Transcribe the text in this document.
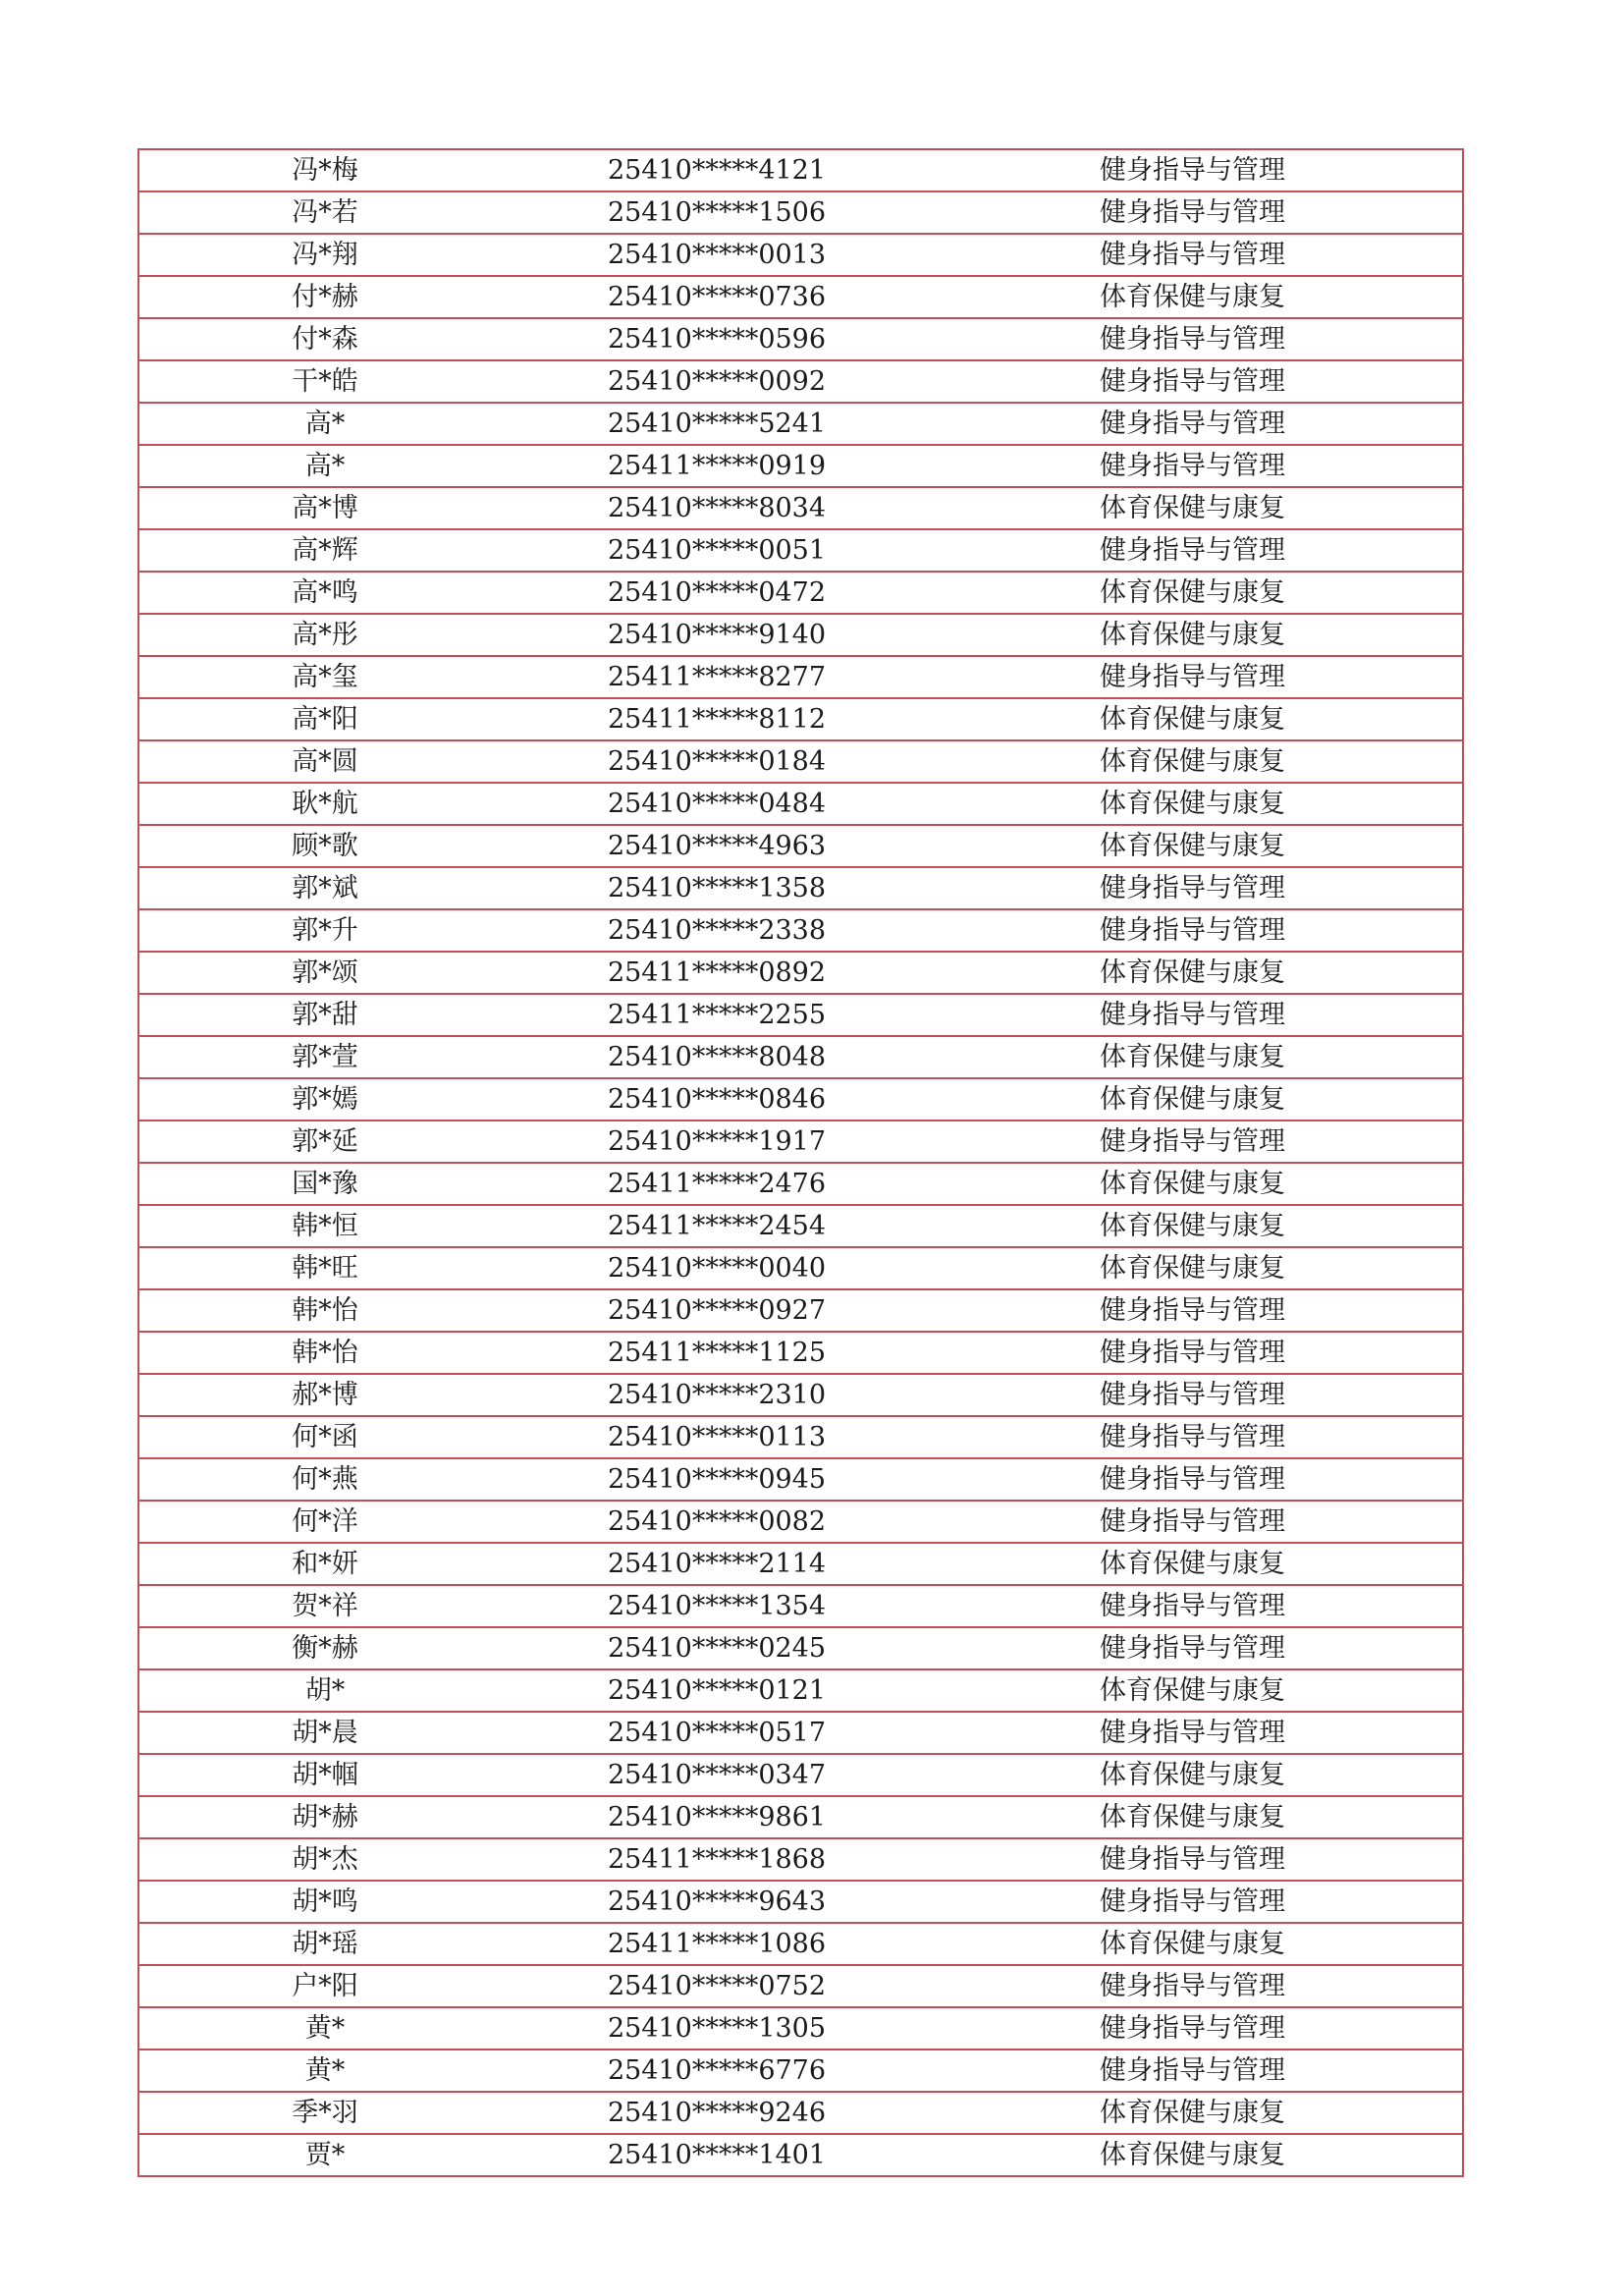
冯*梅	25410*****4121	健身指导与管理
冯*若	25410*****1506	健身指导与管理
冯*翔	25410*****0013	健身指导与管理
付*赫	25410*****0736	体育保健与康复
付*森	25410*****0596	健身指导与管理
干*皓	25410*****0092	健身指导与管理
高*	25410*****5241	健身指导与管理
高*	25411*****0919	健身指导与管理
高*博	25410*****8034	体育保健与康复
高*辉	25410*****0051	健身指导与管理
高*鸣	25410*****0472	体育保健与康复
高*彤	25410*****9140	体育保健与康复
高*玺	25411*****8277	健身指导与管理
高*阳	25411*****8112	体育保健与康复
高*圆	25410*****0184	体育保健与康复
耿*航	25410*****0484	体育保健与康复
顾*歌	25410*****4963	体育保健与康复
郭*斌	25410*****1358	健身指导与管理
郭*升	25410*****2338	健身指导与管理
郭*颂	25411*****0892	体育保健与康复
郭*甜	25411*****2255	健身指导与管理
郭*萱	25410*****8048	体育保健与康复
郭*嫣	25410*****0846	体育保健与康复
郭*延	25410*****1917	健身指导与管理
国*豫	25411*****2476	体育保健与康复
韩*恒	25411*****2454	体育保健与康复
韩*旺	25410*****0040	体育保健与康复
韩*怡	25410*****0927	健身指导与管理
韩*怡	25411*****1125	健身指导与管理
郝*博	25410*****2310	健身指导与管理
何*函	25410*****0113	健身指导与管理
何*燕	25410*****0945	健身指导与管理
何*洋	25410*****0082	健身指导与管理
和*妍	25410*****2114	体育保健与康复
贺*祥	25410*****1354	健身指导与管理
衡*赫	25410*****0245	健身指导与管理
胡*	25410*****0121	体育保健与康复
胡*晨	25410*****0517	健身指导与管理
胡*帼	25410*****0347	体育保健与康复
胡*赫	25410*****9861	体育保健与康复
胡*杰	25411*****1868	健身指导与管理
胡*鸣	25410*****9643	健身指导与管理
胡*瑶	25411*****1086	体育保健与康复
户*阳	25410*****0752	健身指导与管理
黄*	25410*****1305	健身指导与管理
黄*	25410*****6776	健身指导与管理
季*羽	25410*****9246	体育保健与康复
贾*	25410*****1401	体育保健与康复
